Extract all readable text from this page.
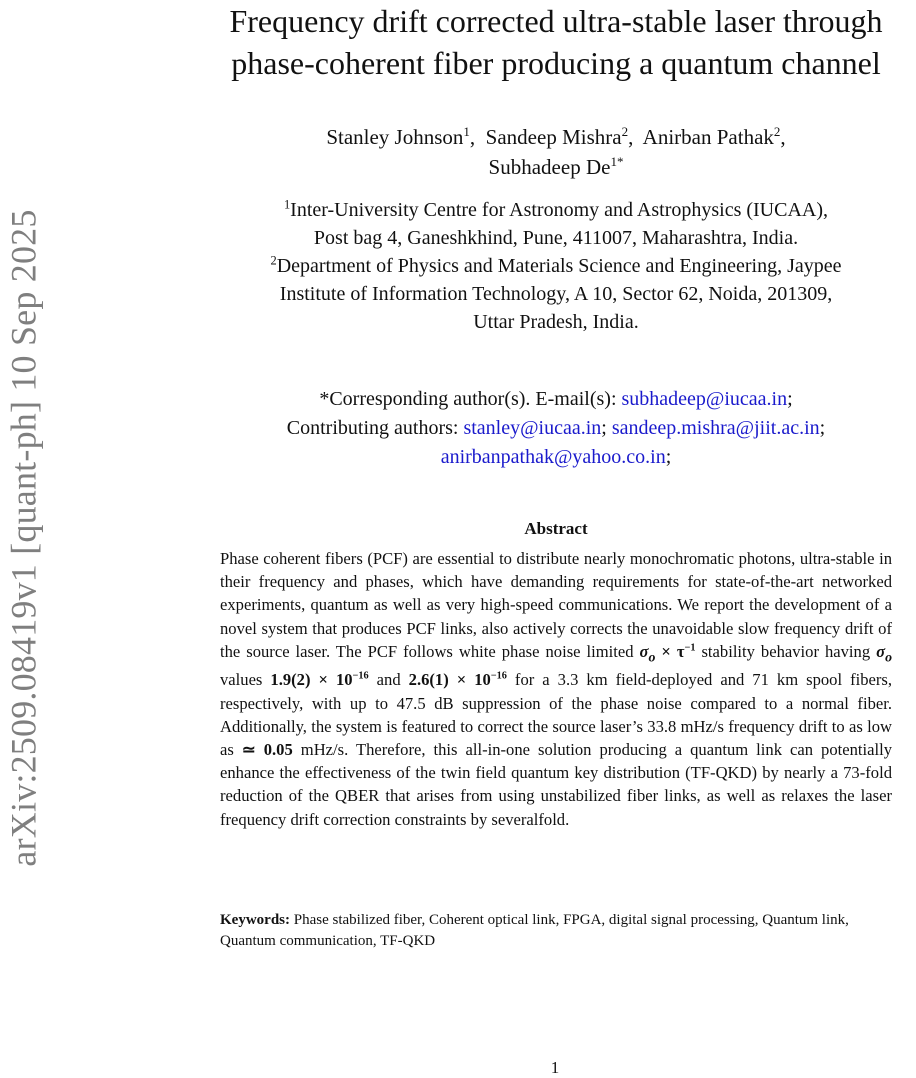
arXiv:2509.08419v1 [quant-ph] 10 Sep 2025
Frequency drift corrected ultra-stable laser through
phase-coherent fiber producing a quantum channel
Stanley Johnson$^1$,  Sandeep Mishra$^2$,  Anirban Pathak$^2$,
Subhadeep $De^{1*}$
$^1$Inter-University Centre for Astronomy and Astrophysics (IUCAA),
Post bag 4, Ganeshkhind, Pune, 411007, Maharashtra, India.
$^2$Department of Physics and Materials Science and Engineering, Jaypee
Institute of Information Technology, A 10, Sector 62, Noida, 201309,
Uttar Pradesh, India.
*Corresponding author(s). E-mail(s): subhadeep@iucaa.in;
Contributing authors: stanley@iucaa.in; sandeep.mishra@jiit.ac.in;
anirbanpathak@yahoo.co.in;
Abstract

Phase coherent fibers (PCF) are essential to distribute nearly monochromatic photons, ultra-stable in their frequency and phases, which have demanding requirements for state-of-the-art networked experiments, quantum as well as very high-speed communications. We report the development of a novel system that produces PCF links, also actively corrects the unavoidable slow frequency drift of the source laser. The PCF follows white phase noise limited $\sigma_o \times \tau^{-1}$ stability behavior having $\sigma_o$ values $1.9(2) \times 10^{-16}$ and $2.6(1) \times 10^{-16}$ for a 3.3 km field-deployed and 71 km spool fibers, respectively, with up to 47.5 dB suppression of the phase noise compared to a normal fiber. Additionally, the system is featured to correct the source laser’s 33.8 mHz/s frequency drift to as low as ≃ 0.05 mHz/s. Therefore, this all-in-one solution producing a quantum link can potentially enhance the effectiveness of the twin field quantum key distribution (TF-QKD) by nearly a 73-fold reduction of the QBER that arises from using unstabilized fiber links, as well as relaxes the laser frequency drift correction constraints by severalfold.

Keywords: Phase stabilized fiber, Coherent optical link, FPGA, digital signal processing, Quantum link, Quantum communication, TF-QKD
1
